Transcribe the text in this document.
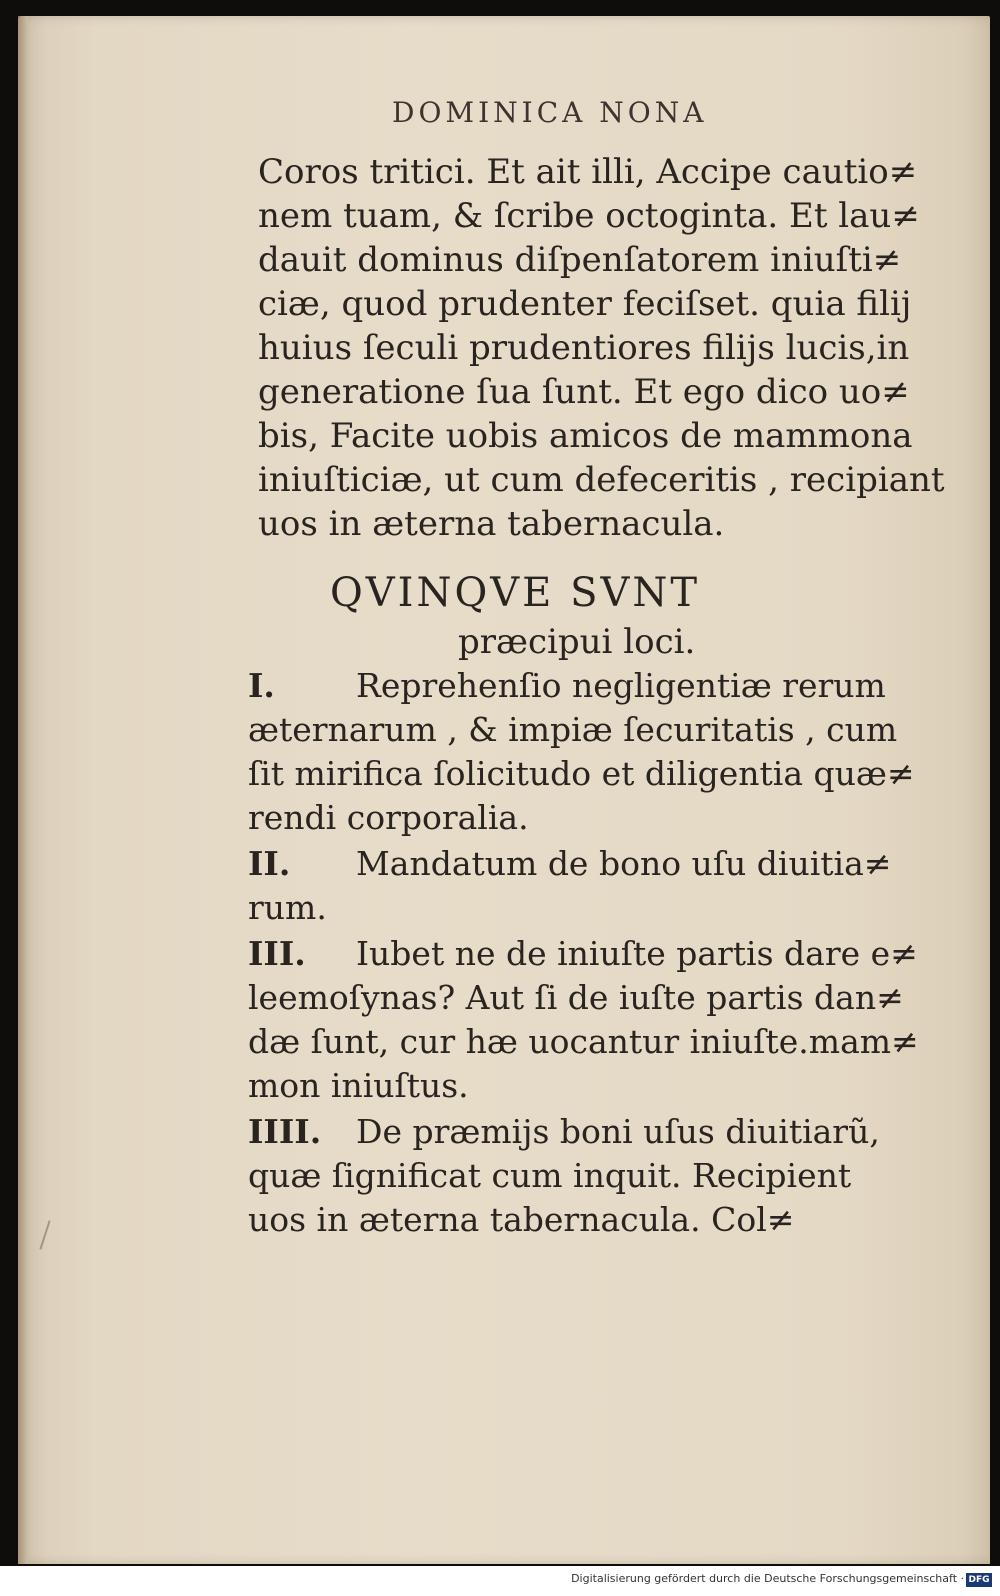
DOMINICA NONA
Coros tritici. Et ait illi, Accipe cautio≠
nem tuam, & ſcribe octoginta. Et lau≠
dauit dominus diſpenſatorem iniuſti≠
ciæ, quod prudenter feciſset. quia filij
huius ſeculi prudentiores filijs lucis,in
generatione ſua ſunt. Et ego dico uo≠
bis, Facite uobis amicos de mammona
iniuſticiæ, ut cum defeceritis , recipiant
uos in æterna tabernacula.
QVINQVE SVNT
præcipui loci.
I. Reprehenſio negligentiæ rerum
æternarum , & impiæ ſecuritatis , cum
ſit mirifica ſolicitudo et diligentia quæ≠
rendi corporalia.
II. Mandatum de bono uſu diuitia≠
rum.
III. Iubet ne de iniuſte partis dare e≠
leemoſynas? Aut ſi de iuſte partis dan≠
dæ ſunt, cur hæ uocantur iniuſte.mam≠
mon iniuſtus.
IIII. De præmijs boni uſus diuitiarũ,
quæ ſignificat cum inquit. Recipient
uos in æterna tabernacula. Col≠
Digitalisierung gefördert durch die Deutsche Forschungsgemeinschaft · DFG
